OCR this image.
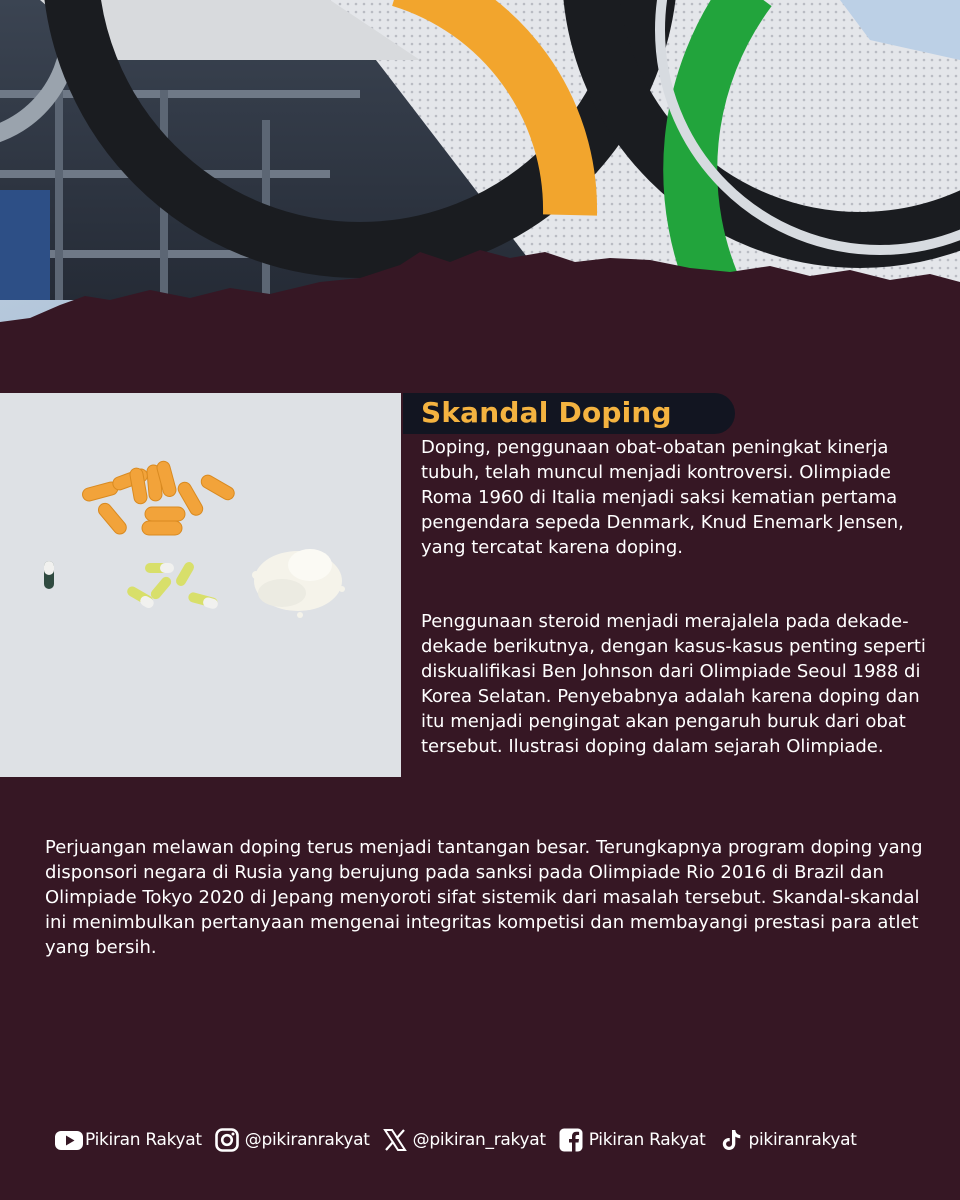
Skandal Doping

Doping, penggunaan obat-obatan peningkat kinerja tubuh, telah muncul menjadi kontroversi. Olimpiade Roma 1960 di Italia menjadi saksi kematian pertama pengendara sepeda Denmark, Knud Enemark Jensen, yang tercatat karena doping.

Penggunaan steroid menjadi merajalela pada dekade-dekade berikutnya, dengan kasus-kasus penting seperti diskualifikasi Ben Johnson dari Olimpiade Seoul 1988 di Korea Selatan. Penyebabnya adalah karena doping dan itu menjadi pengingat akan pengaruh buruk dari obat tersebut. Ilustrasi doping dalam sejarah Olimpiade.

Perjuangan melawan doping terus menjadi tantangan besar. Terungkapnya program doping yang disponsori negara di Rusia yang berujung pada sanksi pada Olimpiade Rio 2016 di Brazil dan Olimpiade Tokyo 2020 di Jepang menyoroti sifat sistemik dari masalah tersebut. Skandal-skandal ini menimbulkan pertanyaan mengenai integritas kompetisi dan membayangi prestasi para atlet yang bersih.

Pikiran Rakyat	@pikiranrakyat	@pikiran_rakyat	Pikiran Rakyat	pikiranrakyat
